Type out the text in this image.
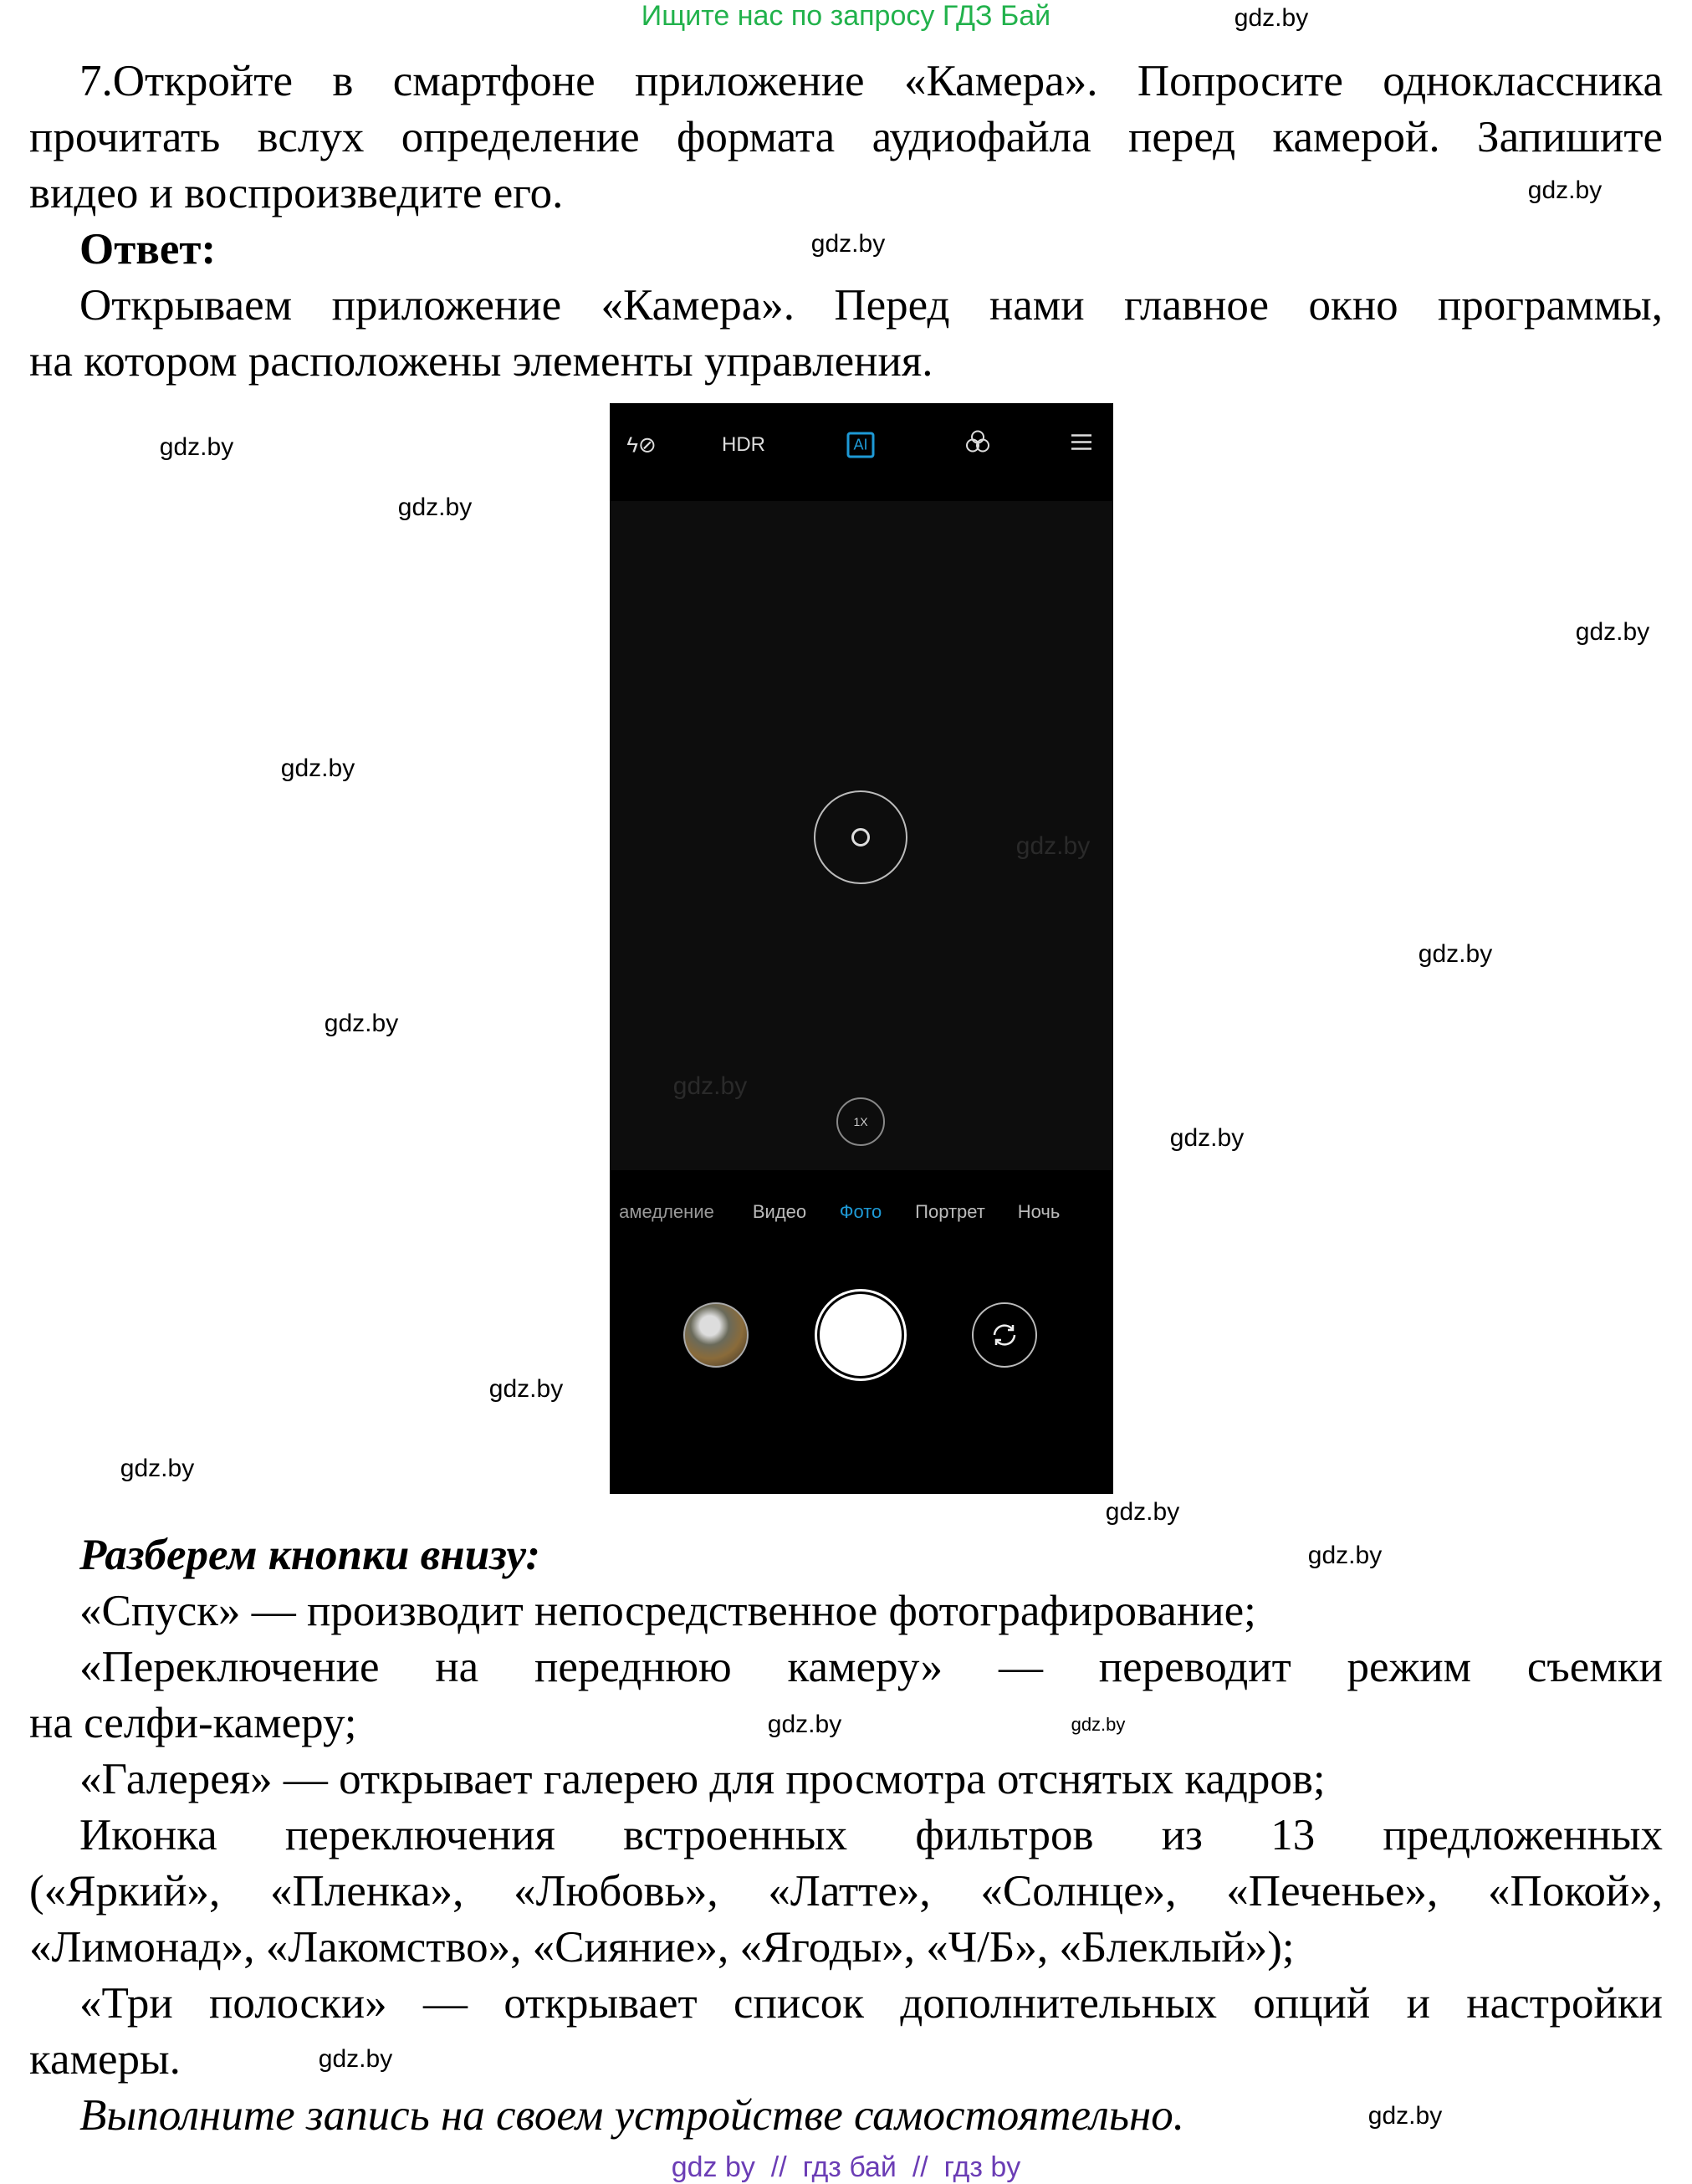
Ищите нас по запросу ГДЗ Бай
7.Откройте в смартфоне приложение «Камера». Попросите одноклассника
прочитать вслух определение формата аудиофайла перед камерой. Запишите
видео и воспроизведите его.
Ответ:
Открываем приложение «Камера». Перед нами главное окно программы,
на котором расположены элементы управления.
ϟ⊘	HDR	AI
1X
амедление Видео Фото Портрет Ночь
Разберем кнопки внизу:
«Спуск» — производит непосредственное фотографирование;
«Переключение на переднюю камеру» — переводит режим съемки
на селфи-камеру;
«Галерея» — открывает галерею для просмотра отснятых кадров;
Иконка переключения встроенных фильтров из 13 предложенных
(«Яркий», «Пленка», «Любовь», «Латте», «Солнце», «Печенье», «Покой»,
«Лимонад», «Лакомство», «Сияние», «Ягоды», «Ч/Б», «Блеклый»);
«Три полоски» — открывает список дополнительных опций и настройки
камеры.
Выполните запись на своем устройстве самостоятельно.
gdz by  //  гдз бай  //  гдз by
gdz.by
gdz.by
gdz.by
gdz.by
gdz.by
gdz.by
gdz.by
gdz.by
gdz.by
gdz.by
gdz.by
gdz.by
gdz.by
gdz.by
gdz.by
gdz.by
gdz.by	gdz.by
gdz.by
gdz.by
